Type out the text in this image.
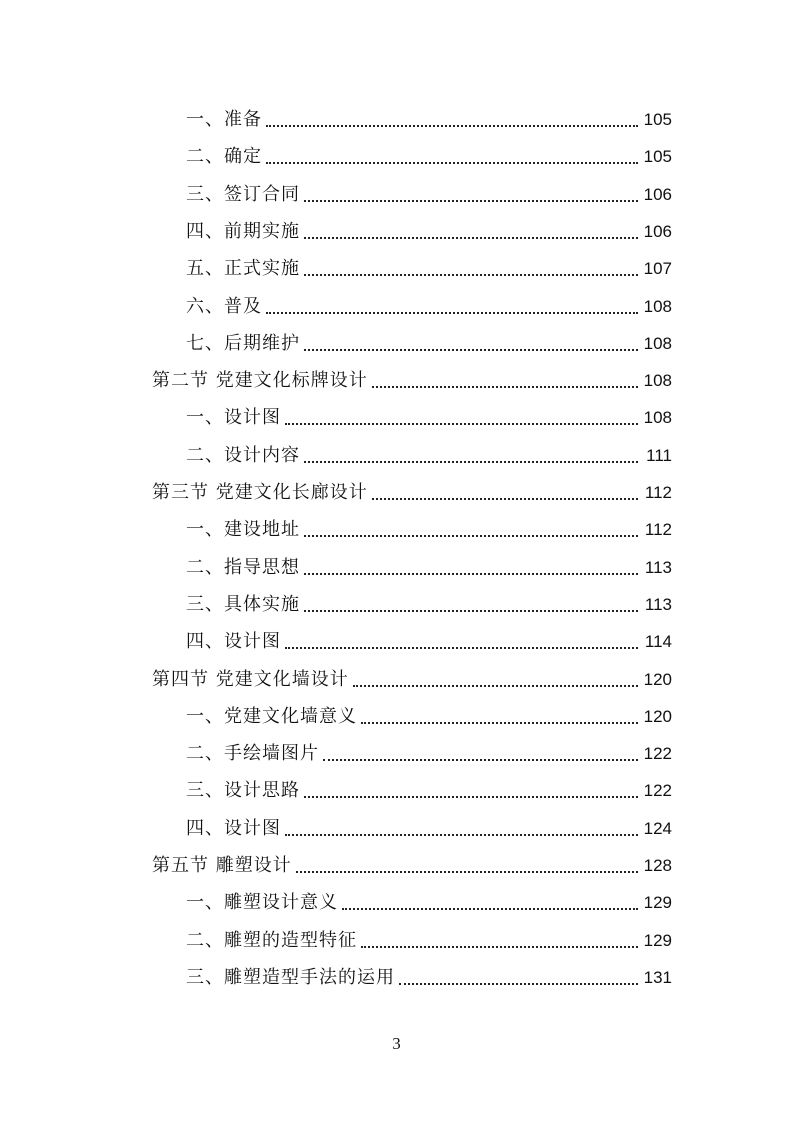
一、准备	105
二、确定	105
三、签订合同	106
四、前期实施	106
五、正式实施	107
六、普及	108
七、后期维护	108
第二节 党建文化标牌设计	108
一、设计图	108
二、设计内容	111
第三节 党建文化长廊设计	112
一、建设地址	112
二、指导思想	113
三、具体实施	113
四、设计图	114
第四节 党建文化墙设计	120
一、党建文化墙意义	120
二、手绘墙图片	122
三、设计思路	122
四、设计图	124
第五节 雕塑设计	128
一、雕塑设计意义	129
二、雕塑的造型特征	129
三、雕塑造型手法的运用	131
3
